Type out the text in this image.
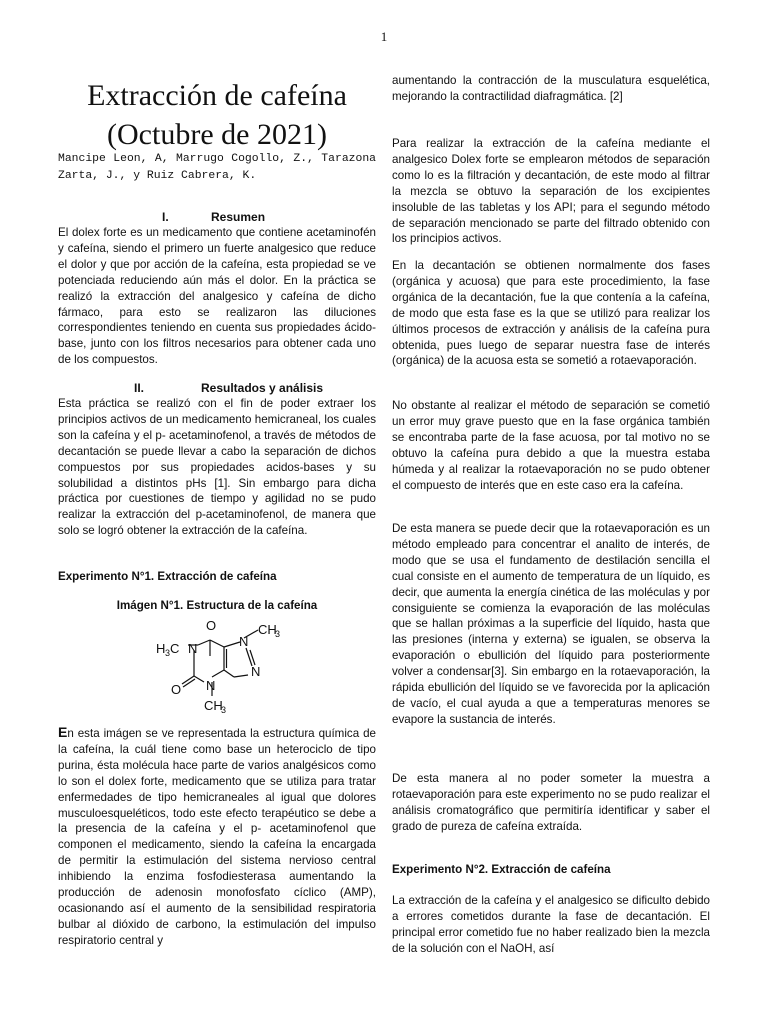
1
Extracción de cafeína
(Octubre de 2021)
Mancipe Leon, A, Marrugo Cogollo, Z., Tarazona Zarta, J., y Ruiz Cabrera, K.
I.	Resumen

El dolex forte es un medicamento que contiene acetaminofén y cafeína, siendo el primero un fuerte analgesico que reduce el dolor y que por acción de la cafeína, esta propiedad se ve potenciada reduciendo aún más el dolor. En la práctica se realizó la extracción del analgesico y cafeína de dicho fármaco, para esto se realizaron las diluciones correspondientes teniendo en cuenta sus propiedades ácido-base, junto con los filtros necesarios para obtener cada uno de los compuestos.

II.	Resultados y análisis

Esta práctica se realizó con el fin de poder extraer los principios activos de un medicamento hemicraneal, los cuales son la cafeína y el p- acetaminofenol, a través de métodos de decantación se puede llevar a cabo la separación de dichos compuestos por sus propiedades acidos-bases y su solubilidad a distintos pHs [1]. Sin embargo para dicha práctica por cuestiones de tiempo y agilidad no se pudo realizar la extracción del p-acetaminofenol, de manera que solo se logró obtener la extracción de la cafeína.

Experimento N°1. Extracción de cafeína
Imágen N°1. Estructura de la cafeína
O
N
CH
3
H 3 C N
N
O N
CH
3

En esta imágen se ve representada la estructura química de la cafeína, la cuál tiene como base un heterociclo de tipo purina, ésta molécula hace parte de varios analgésicos como lo son el dolex forte, medicamento que se utiliza para tratar enfermedades de tipo hemicraneales al igual que dolores musculoesqueléticos, todo este efecto terapéutico se debe a la presencia de la cafeína y el p- acetaminofenol que componen el medicamento, siendo la cafeína la encargada de permitir la estimulación del sistema nervioso central inhibiendo la enzima fosfodiesterasa aumentando la producción de adenosin monofosfato cíclico (AMP), ocasionando así el aumento de la sensibilidad respiratoria bulbar al dióxido de carbono, la estimulación del impulso respiratorio central y

aumentando la contracción de la musculatura esquelética, mejorando la contractilidad diafragmática. [2]

Para realizar la extracción de la cafeína mediante el analgesico Dolex forte se emplearon métodos de separación como lo es la filtración y decantación, de este modo al filtrar la mezcla se obtuvo la separación de los excipientes insoluble de las tabletas y los API; para el segundo método de separación mencionado se parte del filtrado obtenido con los principios activos.

En la decantación se obtienen normalmente dos fases (orgánica y acuosa) que para este procedimiento, la fase orgánica de la decantación, fue la que contenía a la cafeína, de modo que esta fase es la que se utilizó para realizar los últimos procesos de extracción y análisis de la cafeína pura obtenida, pues luego de separar nuestra fase de interés (orgánica) de la acuosa esta se sometió a rotaevaporación.

No obstante al realizar el método de separación se cometió un error muy grave puesto que en la fase orgánica también se encontraba parte de la fase acuosa, por tal motivo no se obtuvo la cafeína pura debido a que la muestra estaba húmeda y al realizar la rotaevaporación no se pudo obtener el compuesto de interés que en este caso era la cafeína.

De esta manera se puede decir que la rotaevaporación es un método empleado para concentrar el analito de interés, de modo que se usa el fundamento de destilación sencilla el cual consiste en el aumento de temperatura de un líquido, es decir, que aumenta la energía cinética de las moléculas y por consiguiente se comienza la evaporación de las moléculas que se hallan próximas a la superficie del líquido, hasta que las presiones (interna y externa) se igualen, se observa la evaporación o ebullición del líquido para posteriormente volver a condensar[3]. Sin embargo en la rotaevaporación, la rápida ebullición del líquido se ve favorecida por la aplicación de vacío, el cual ayuda a que a temperaturas menores se evapore la sustancia de interés.

De esta manera al no poder someter la muestra a rotaevaporación para este experimento no se pudo realizar el análisis cromatográfico que permitiría identificar y saber el grado de pureza de cafeína extraída.

Experimento N°2. Extracción de cafeína

La extracción de la cafeína y el analgesico se dificulto debido a errores cometidos durante la fase de decantación. El principal error cometido fue no haber realizado bien la mezcla de la solución con el NaOH, así
